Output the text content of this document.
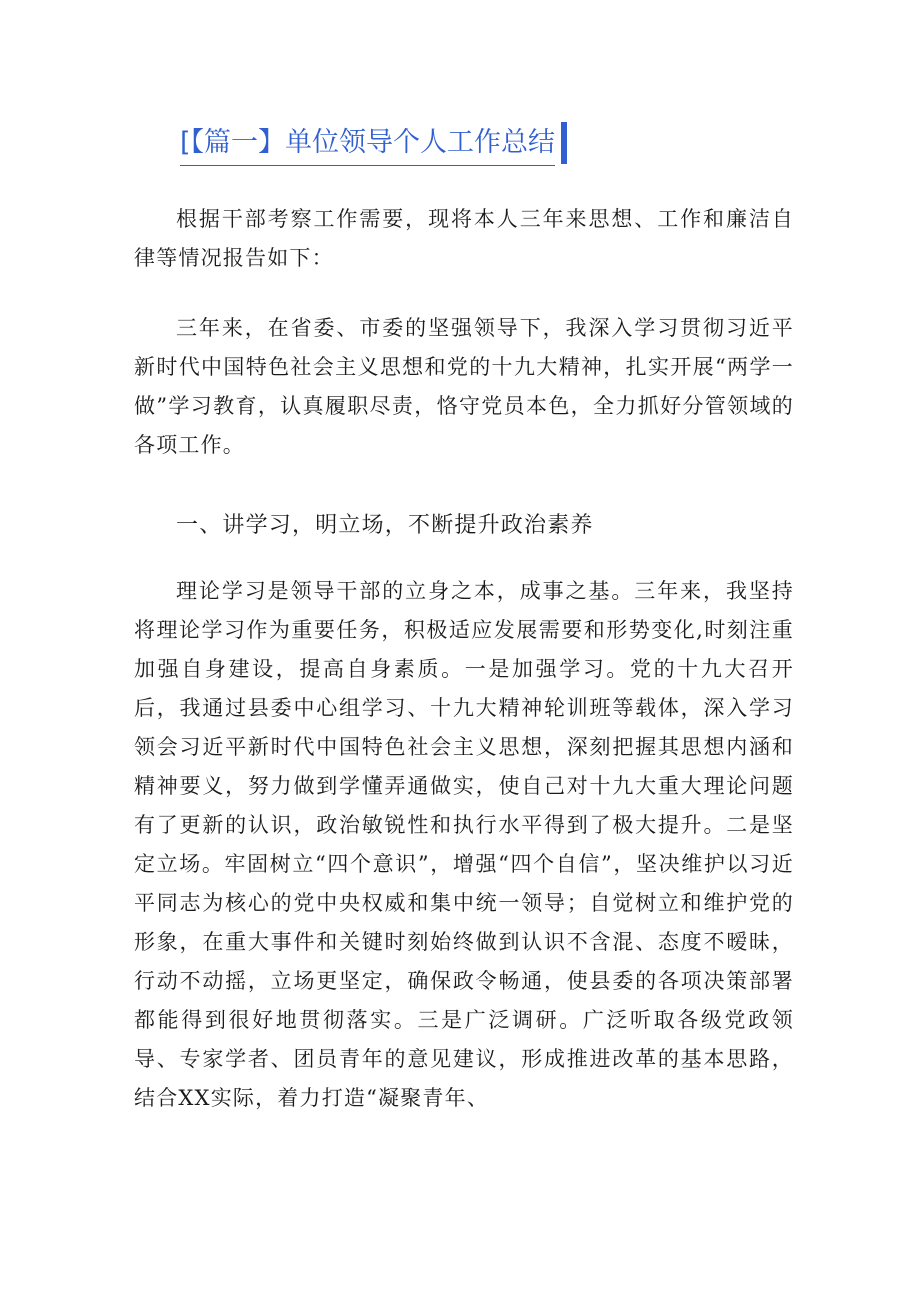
[【篇一】单位领导个人工作总结

根据干部考察工作需要，现将本人三年来思想、工作和廉洁自律等情况报告如下：

三年来，在省委、市委的坚强领导下，我深入学习贯彻习近平新时代中国特色社会主义思想和党的十九大精神，扎实开展“两学一做”学习教育，认真履职尽责，恪守党员本色，全力抓好分管领域的各项工作。

一、讲学习，明立场，不断提升政治素养

理论学习是领导干部的立身之本，成事之基。三年来，我坚持将理论学习作为重要任务，积极适应发展需要和形势变化,时刻注重加强自身建设，提高自身素质。一是加强学习。党的十九大召开后，我通过县委中心组学习、十九大精神轮训班等载体，深入学习领会习近平新时代中国特色社会主义思想，深刻把握其思想内涵和精神要义，努力做到学懂弄通做实，使自己对十九大重大理论问题有了更新的认识，政治敏锐性和执行水平得到了极大提升。二是坚定立场。牢固树立“四个意识”，增强“四个自信”，坚决维护以习近平同志为核心的党中央权威和集中统一领导；自觉树立和维护党的形象，在重大事件和关键时刻始终做到认识不含混、态度不暧昧，行动不动摇，立场更坚定，确保政令畅通，使县委的各项决策部署都能得到很好地贯彻落实。三是广泛调研。广泛听取各级党政领导、专家学者、团员青年的意见建议，形成推进改革的基本思路，结合XX实际，着力打造“凝聚青年、
